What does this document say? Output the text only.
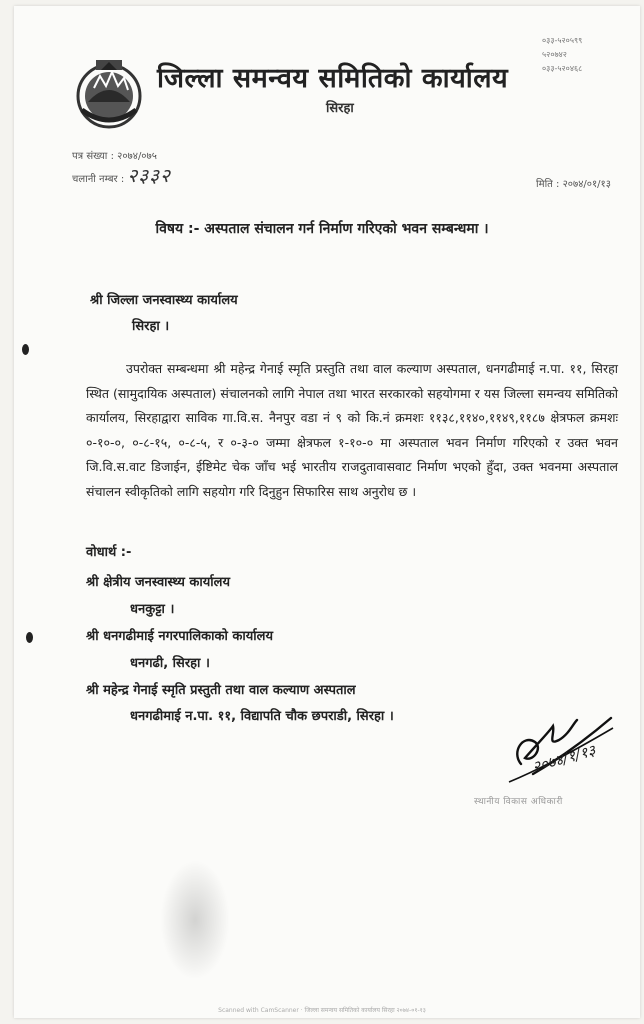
जिल्ला समन्वय समितिको कार्यालय
सिरहा
०३३-५२०५९९
५२०७४२
०३३-५२०४६८
पत्र संख्या : २०७४/०७५
चलानी नम्बर : २३३२	मिति : २०७४/०१/१३
विषय :- अस्पताल संचालन गर्न निर्माण गरिएको भवन सम्बन्धमा ।
श्री जिल्ला जनस्वास्थ्य कार्यालय
सिरहा ।
उपरोक्त सम्बन्धमा श्री महेन्द्र गेनाई स्मृति प्रस्तुति तथा वाल कल्याण अस्पताल, धनगढीमाई न.पा. ११, सिरहा स्थित (सामुदायिक अस्पताल) संचालनको लागि नेपाल तथा भारत सरकारको सहयोगमा र यस जिल्ला समन्वय समितिको कार्यालय, सिरहाद्वारा साविक गा.वि.स. नैनपुर वडा नं ९ को कि.नं क्रमशः ११३८,११४०,११४९,११८७ क्षेत्रफल क्रमशः ०-१०-०, ०-८-१५, ०-८-५, र ०-३-० जम्मा क्षेत्रफल १-१०-० मा अस्पताल भवन निर्माण गरिएको र उक्त भवन जि.वि.स.वाट डिजाईन, ईष्टिमेट चेक जाँच भई भारतीय राजदुतावासवाट निर्माण भएको हुँदा, उक्त भवनमा अस्पताल संचालन स्वीकृतिको लागि सहयोग गरि दिनुहुन सिफारिस साथ अनुरोध छ ।
वोधार्थ :-
श्री क्षेत्रीय जनस्वास्थ्य कार्यालय
धनकुट्टा ।
श्री धनगढीमाई नगरपालिकाको कार्यालय
धनगढी, सिरहा ।
श्री महेन्द्र गेनाई स्मृति प्रस्तुती तथा वाल कल्याण अस्पताल
धनगढीमाई न.पा. ११, विद्यापति चौक छपराडी, सिरहा ।
२०७४/१/१३
स्थानीय विकास अधिकारी
Scanned with CamScanner · जिल्ला समन्वय समितिको कार्यालय सिरहा २०७४-०१-१३
